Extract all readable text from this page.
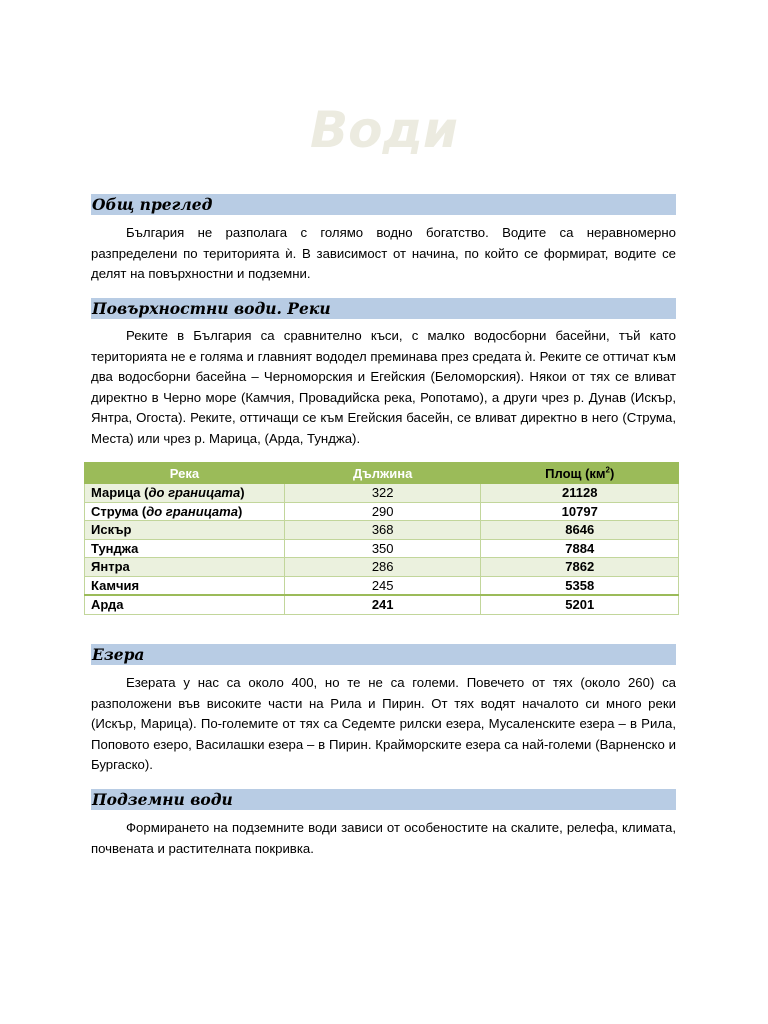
Води
Общ преглед

България не разполага с голямо водно богатство. Водите са неравномерно разпределени по територията ѝ. В зависимост от начина, по който се формират, водите се делят на повърхностни и подземни.

Повърхностни води. Реки

Реките в България са сравнително къси, с малко водосборни басейни, тъй като територията не е голяма и главният вододел преминава през средата ѝ. Реките се оттичат към два водосборни басейна – Черноморския и Егейския (Беломорския). Някои от тях се вливат директно в Черно море (Камчия, Провадийска река, Ропотамо), а други чрез р. Дунав (Искър, Янтра, Огоста). Реките, оттичащи се към Егейския басейн, се вливат директно в него (Струма, Места) или чрез р. Марица, (Арда, Тунджа).

Река	Дължина	Площ $(км^2)$
Марица (до границата)	322	21128
Струма (до границата)	290	10797
Искър	368	8646
Тунджа	350	7884
Янтра	286	7862
Камчия	245	5358
Арда	241	5201
Езера

Езерата у нас са около 400, но те не са големи. Повечето от тях (около 260) са разположени във високите части на Рила и Пирин. От тях водят началото си много реки (Искър, Марица). По-големите от тях са Седемте рилски езера, Мусаленските езера – в Рила, Поповото езеро, Василашки езера – в Пирин. Крайморските езера са най-големи (Варненско и Бургаско).

Подземни води

Формирането на подземните води зависи от особеностите на скалите, релефа, климата, почвената и растителната покривка.
